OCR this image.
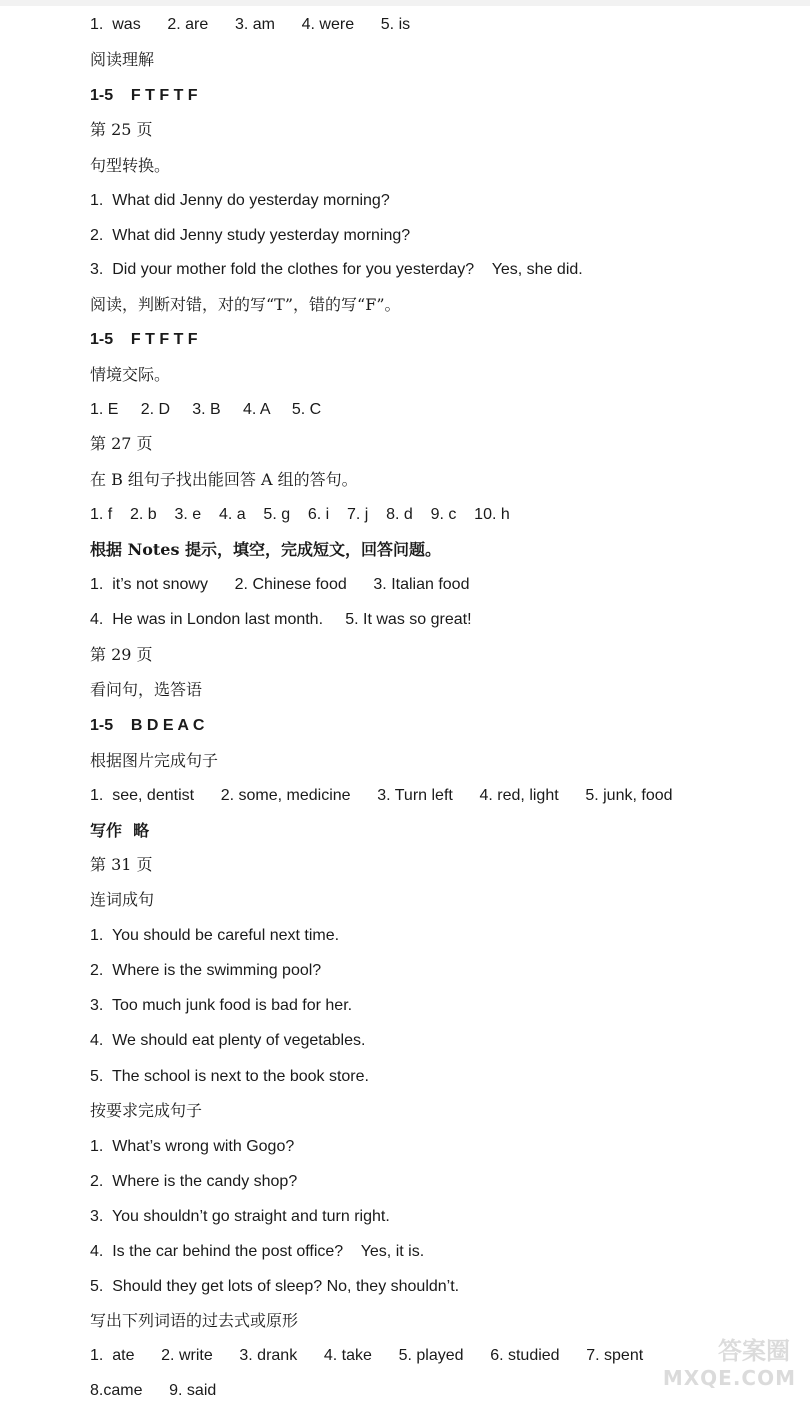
1.  was      2. are      3. am      4. were      5. is
阅读理解
1-5    F T F T F
第 25 页
句型转换。
1.  What did Jenny do yesterday morning?
2.  What did Jenny study yesterday morning?
3.  Did your mother fold the clothes for you yesterday?    Yes, she did.
阅读，判断对错，对的写“T”，错的写“F”。
1-5    F T F T F
情境交际。
1. E     2. D     3. B     4. A     5. C
第 27 页
在 B 组句子找出能回答 A 组的答句。
1. f    2. b    3. e    4. a    5. g    6. i    7. j    8. d    9. c    10. h
根据 Notes 提示，填空，完成短文，回答问题。
1.  it’s not snowy      2. Chinese food      3. Italian food
4.  He was in London last month.     5. It was so great!
第 29 页
看问句，选答语
1-5    B D E A C
根据图片完成句子
1.  see, dentist      2. some, medicine      3. Turn left      4. red, light      5. junk, food
写作  略
第 31 页
连词成句
1.  You should be careful next time.
2.  Where is the swimming pool?
3.  Too much junk food is bad for her.
4.  We should eat plenty of vegetables.
5.  The school is next to the book store.
按要求完成句子
1.  What’s wrong with Gogo?
2.  Where is the candy shop?
3.  You shouldn’t go straight and turn right.
4.  Is the car behind the post office?    Yes, it is.
5.  Should they get lots of sleep? No, they shouldn’t.
写出下列词语的过去式或原形
1.  ate      2. write      3. drank      4. take      5. played      6. studied      7. spent
8.came      9. said
答案圈
MXQE.COM
